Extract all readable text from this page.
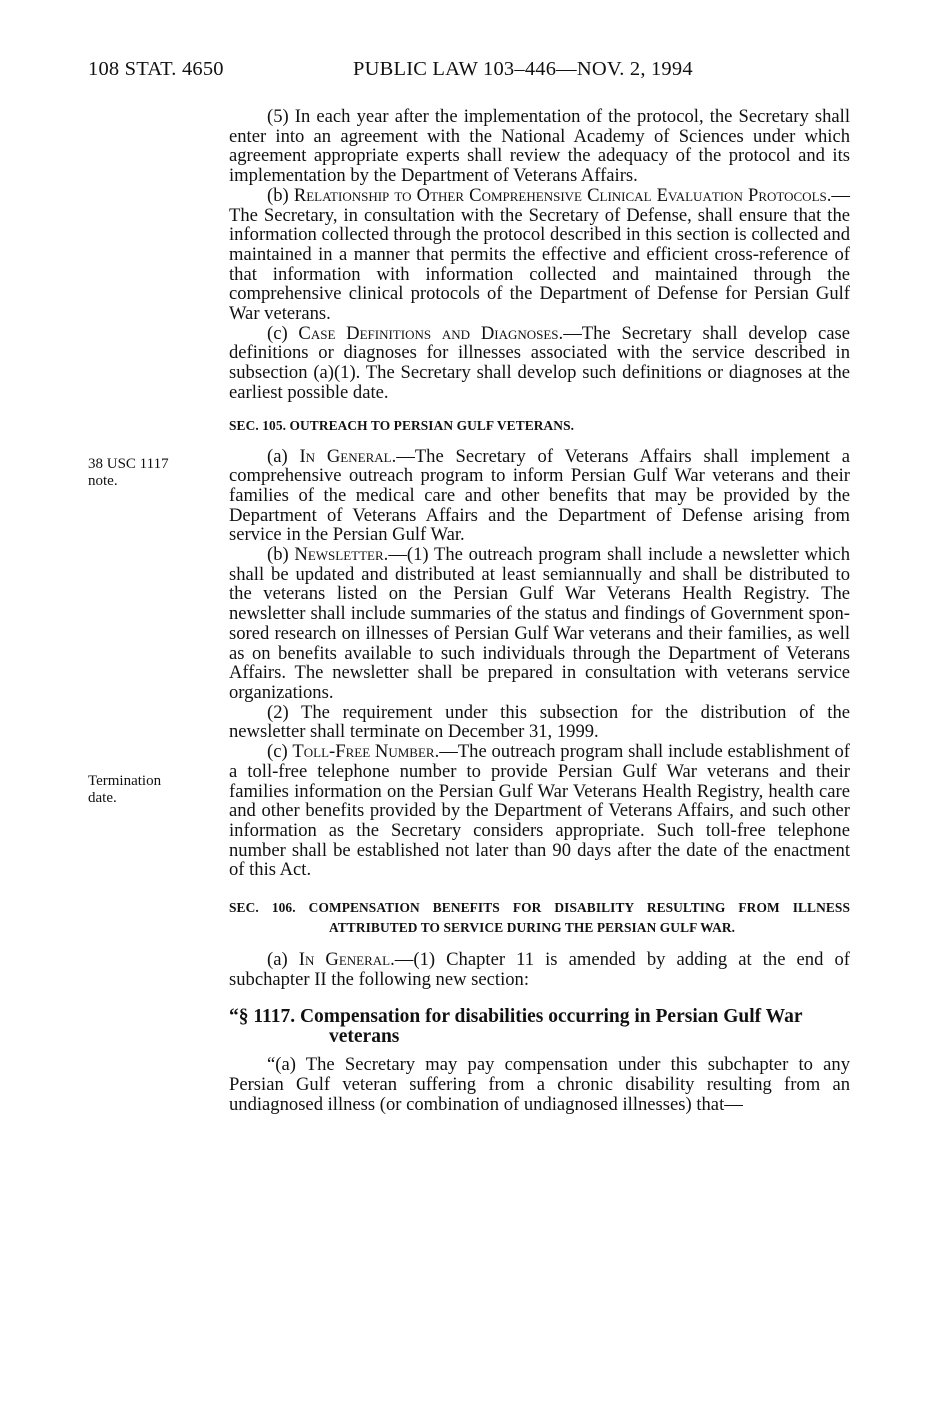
108 STAT. 4650	PUBLIC LAW 103–446—NOV. 2, 1994
38 USC 1117
note.
Termination
date.

(5) In each year after the implementation of the protocol, the Secretary shall enter into an agreement with the National Academy of Sciences under which agreement appropriate experts shall review the adequacy of the protocol and its implementation by the Department of Veterans Affairs.

(b) Relationship to Other Comprehensive Clinical Evaluation Protocols.—The Secretary, in consultation with the Secretary of Defense, shall ensure that the information collected through the protocol described in this section is collected and maintained in a manner that permits the effective and efficient cross-reference of that information with information collected and maintained through the comprehensive clinical protocols of the Department of Defense for Persian Gulf War veterans.

(c) Case Definitions and Diagnoses.—The Secretary shall develop case definitions or diagnoses for illnesses associated with the service described in subsection (a)(1). The Secretary shall develop such definitions or diagnoses at the earliest possible date.

SEC. 105. OUTREACH TO PERSIAN GULF VETERANS.

(a) In General.—The Secretary of Veterans Affairs shall implement a comprehensive outreach program to inform Persian Gulf War veterans and their families of the medical care and other benefits that may be provided by the Department of Veterans Affairs and the Department of Defense arising from service in the Persian Gulf War.

(b) Newsletter.—(1) The outreach program shall include a newsletter which shall be updated and distributed at least semiannually and shall be distributed to the veterans listed on the Persian Gulf War Veterans Health Registry. The newsletter shall include summaries of the status and findings of Government sponsored research on illnesses of Persian Gulf War veterans and their families, as well as on benefits available to such individuals through the Department of Veterans Affairs. The newsletter shall be prepared in consultation with veterans service organizations.

(2) The requirement under this subsection for the distribution of the newsletter shall terminate on December 31, 1999.

(c) Toll-Free Number.—The outreach program shall include establishment of a toll-free telephone number to provide Persian Gulf War veterans and their families information on the Persian Gulf War Veterans Health Registry, health care and other benefits provided by the Department of Veterans Affairs, and such other information as the Secretary considers appropriate. Such toll-free telephone number shall be established not later than 90 days after the date of the enactment of this Act.

SEC. 106. COMPENSATION BENEFITS FOR DISABILITY RESULTING FROM ILLNESS ATTRIBUTED TO SERVICE DURING THE PERSIAN GULF WAR.

(a) In General.—(1) Chapter 11 is amended by adding at the end of subchapter II the following new section:

“§ 1117. Compensation for disabilities occurring in Persian Gulf War veterans

“(a) The Secretary may pay compensation under this subchapter to any Persian Gulf veteran suffering from a chronic disability resulting from an undiagnosed illness (or combination of undiagnosed illnesses) that—
